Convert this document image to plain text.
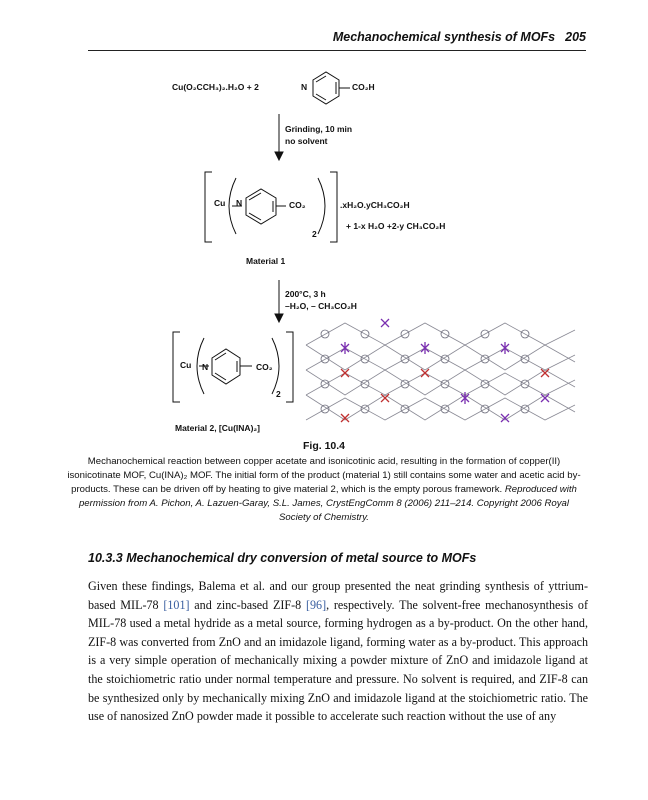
Mechanochemical synthesis of MOFs 205
Cu(O₂CCH₃)₂.H₂O + 2	N	CO₂H
Grinding, 10 min
no solvent
Cu N	CO₂
2
.xH₂O.yCH₃CO₂H
+ 1-x H₂O +2-y CH₃CO₂H
Material 1
200°C, 3 h
–H₂O, – CH₃CO₂H
Cu N	CO₂
2
Material 2, [Cu(INA)₂]
Fig. 10.4
Mechanochemical reaction between copper acetate and isonicotinic acid, resulting in the formation of copper(II) isonicotinate MOF, Cu(INA)₂ MOF. The initial form of the product (material 1) still contains some water and acetic acid by-products. These can be driven off by heating to give material 2, which is the empty porous framework. Reproduced with permission from A. Pichon, A. Lazuen-Garay, S.L. James, CrystEngComm 8 (2006) 211–214. Copyright 2006 Royal Society of Chemistry.
10.3.3 Mechanochemical dry conversion of metal source to MOFs
Given these findings, Balema et al. and our group presented the neat grinding synthesis of yttrium-based MIL-78 [101] and zinc-based ZIF-8 [96], respectively. The solvent-free mechanosynthesis of MIL-78 used a metal hydride as a metal source, forming hydrogen as a by-product. On the other hand, ZIF-8 was converted from ZnO and an imidazole ligand, forming water as a by-product. This approach is a very simple operation of mechanically mixing a powder mixture of ZnO and imidazole ligand at the stoichiometric ratio under normal temperature and pressure. No solvent is required, and ZIF-8 can be synthesized only by mechanically mixing ZnO and imidazole ligand at the stoichiometric ratio. The use of nanosized ZnO powder made it possible to accelerate such reaction without the use of any
